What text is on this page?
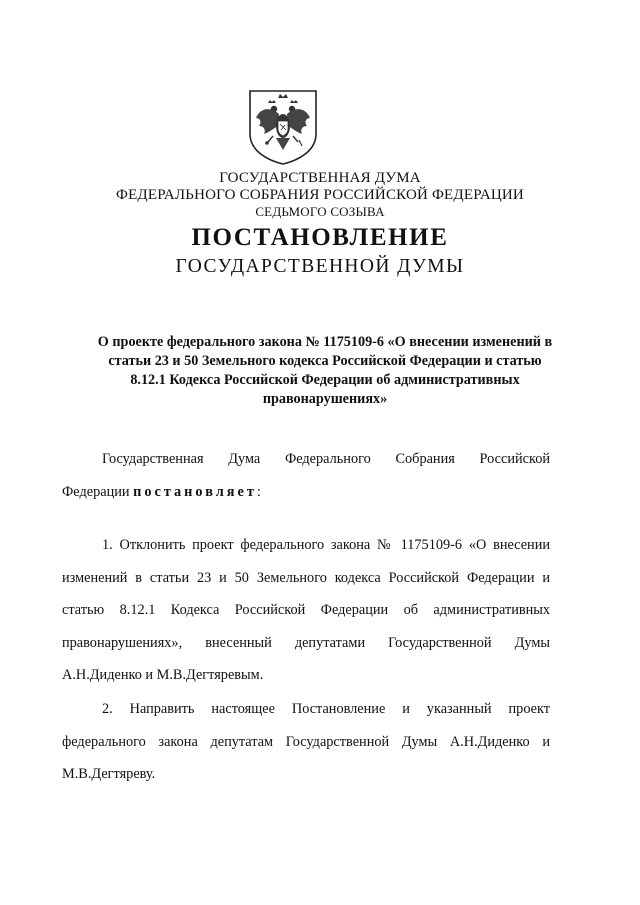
ГОСУДАРСТВЕННАЯ ДУМА
ФЕДЕРАЛЬНОГО СОБРАНИЯ РОССИЙСКОЙ ФЕДЕРАЦИИ
СЕДЬМОГО СОЗЫВА
ПОСТАНОВЛЕНИЕ
ГОСУДАРСТВЕННОЙ ДУМЫ
О проекте федерального закона № 1175109-6 «О внесении изменений в
статьи 23 и 50 Земельного кодекса Российской Федерации и статью
8.12.1 Кодекса Российской Федерации об административных
правонарушениях»
Государственная Дума Федерального Собрания Российской
Федерации постановляет:
1. Отклонить проект федерального закона № 1175109-6 «О внесении
изменений в статьи 23 и 50 Земельного кодекса Российской Федерации и
статью 8.12.1 Кодекса Российской Федерации об административных
правонарушениях», внесенный депутатами Государственной Думы
А.Н.Диденко и М.В.Дегтяревым.
2. Направить настоящее Постановление и указанный проект
федерального закона депутатам Государственной Думы А.Н.Диденко и
М.В.Дегтяреву.
